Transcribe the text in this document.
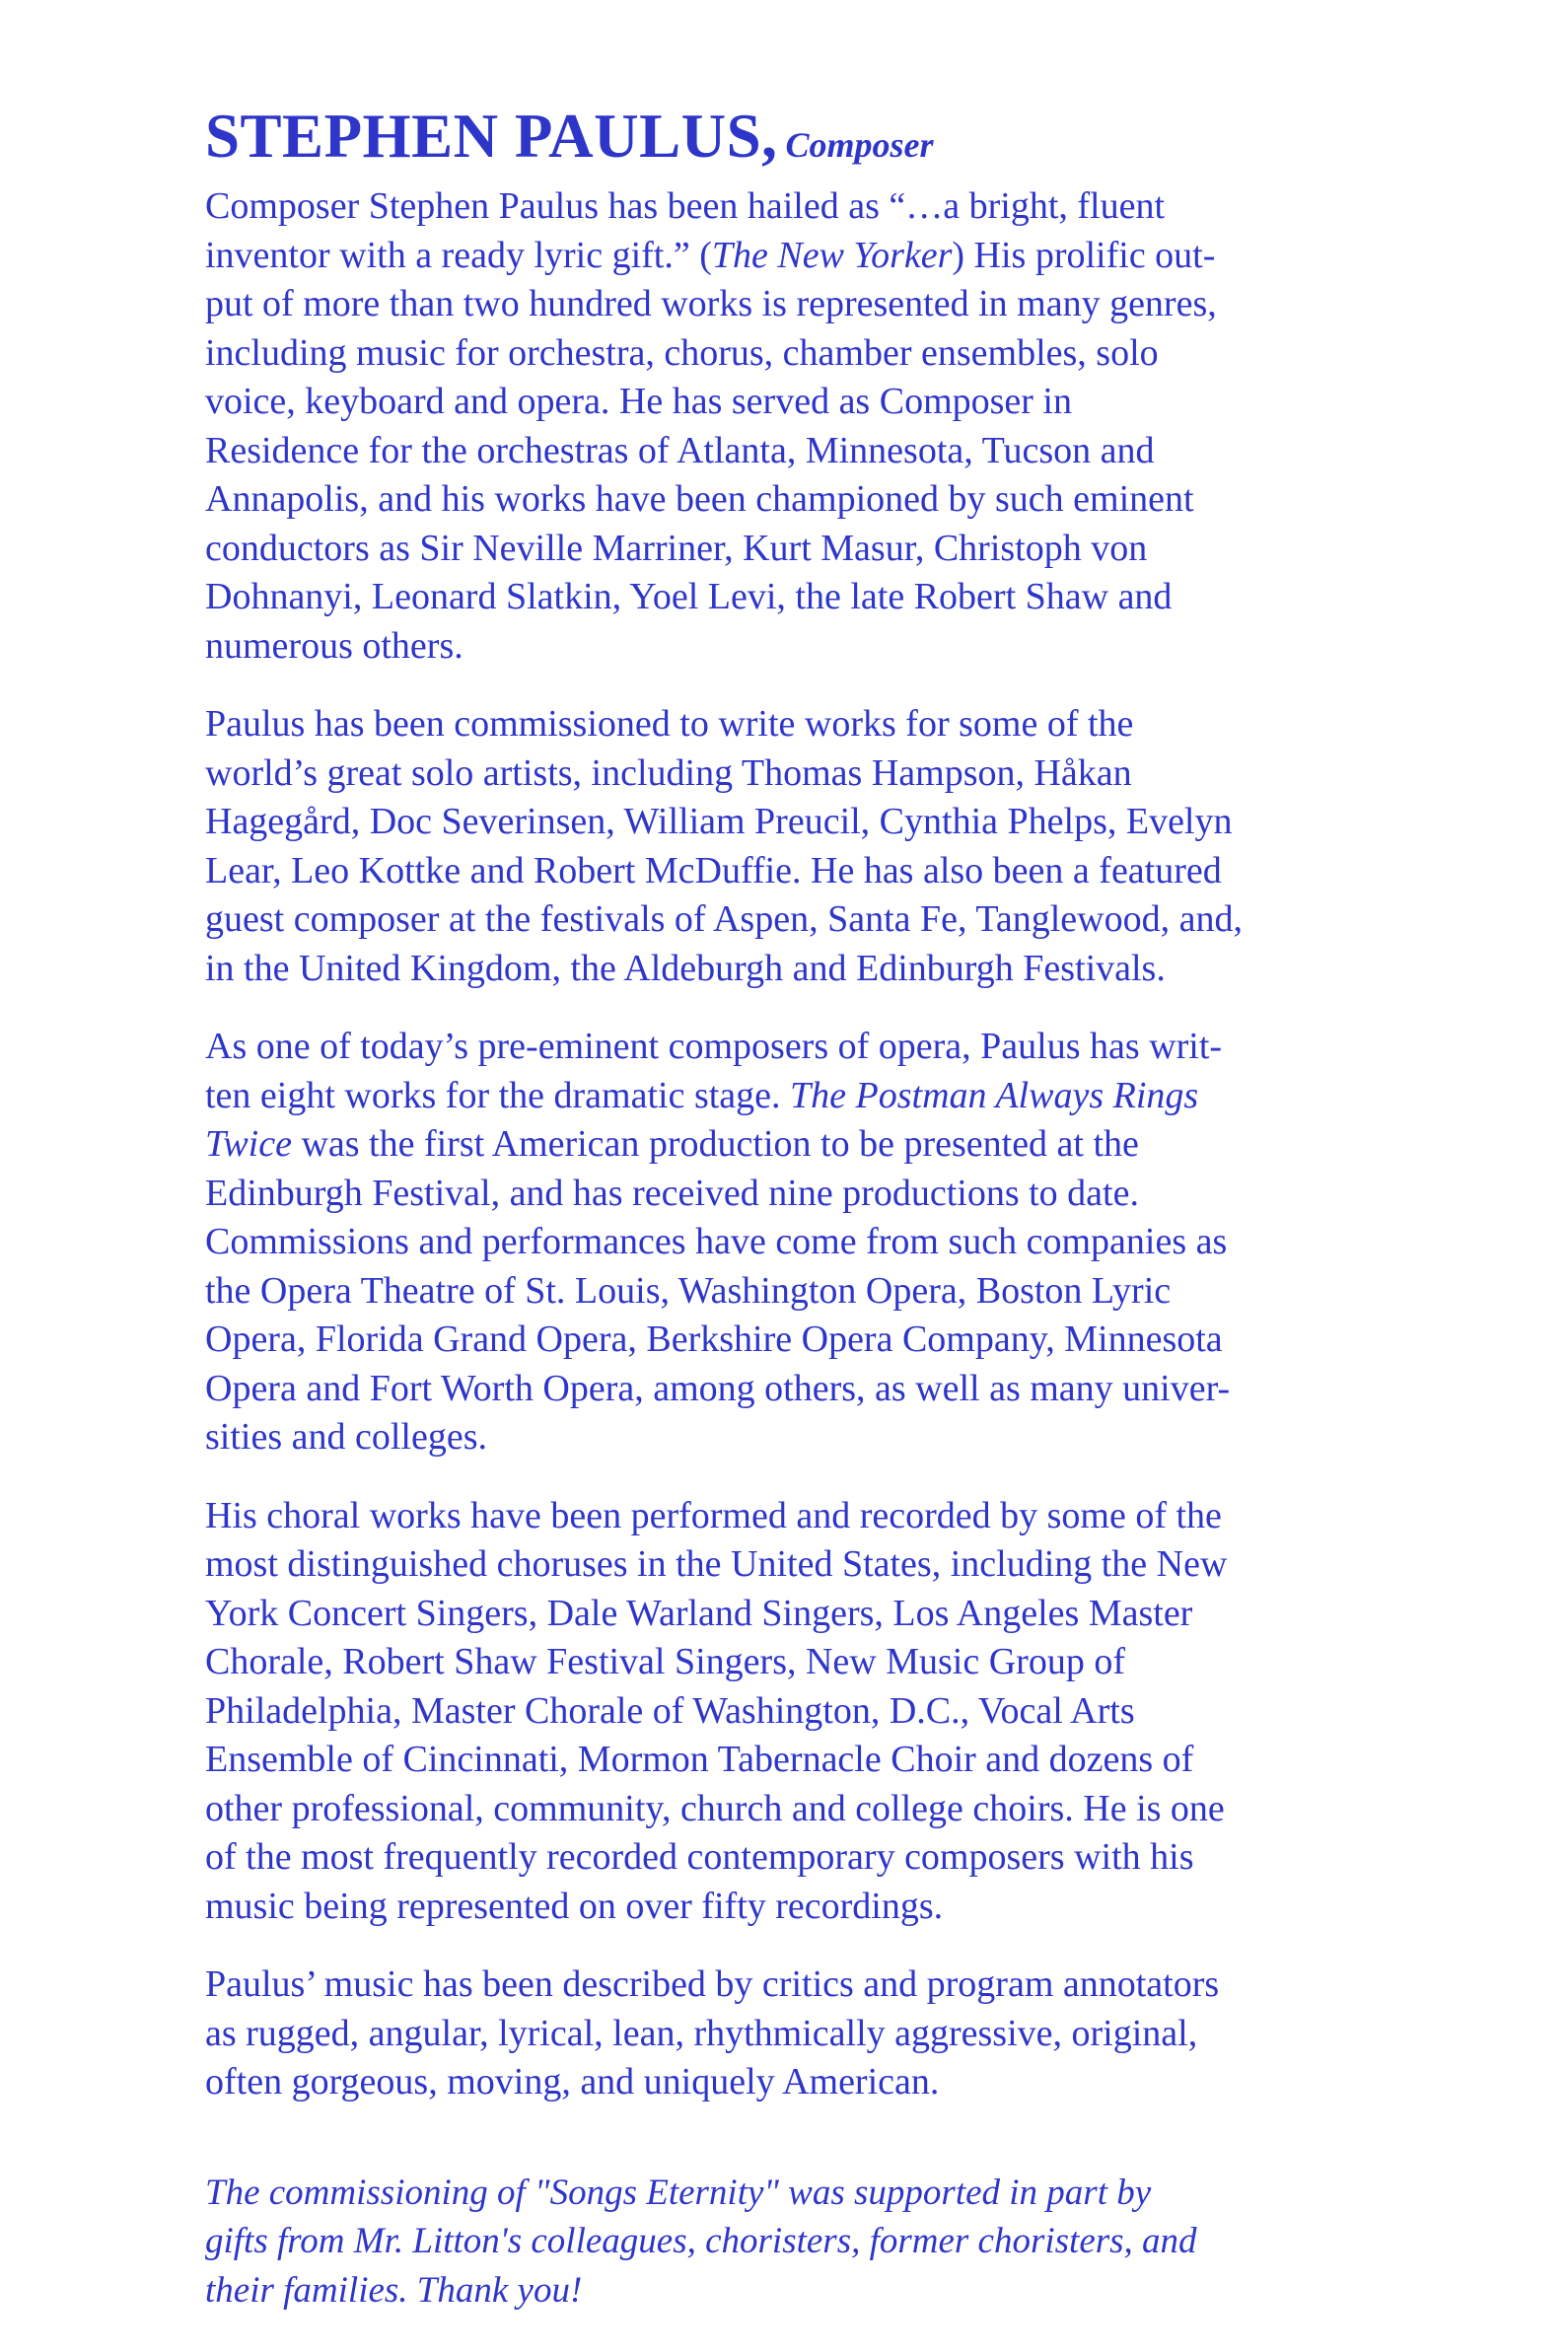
STEPHEN PAULUS, Composer

Composer Stephen Paulus has been hailed as “…a bright, fluent
inventor with a ready lyric gift.” (The New Yorker) His prolific out-
put of more than two hundred works is represented in many genres,
including music for orchestra, chorus, chamber ensembles, solo
voice, keyboard and opera. He has served as Composer in
Residence for the orchestras of Atlanta, Minnesota, Tucson and
Annapolis, and his works have been championed by such eminent
conductors as Sir Neville Marriner, Kurt Masur, Christoph von
Dohnanyi, Leonard Slatkin, Yoel Levi, the late Robert Shaw and
numerous others.

Paulus has been commissioned to write works for some of the
world’s great solo artists, including Thomas Hampson, Håkan
Hagegård, Doc Severinsen, William Preucil, Cynthia Phelps, Evelyn
Lear, Leo Kottke and Robert McDuffie. He has also been a featured
guest composer at the festivals of Aspen, Santa Fe, Tanglewood, and,
in the United Kingdom, the Aldeburgh and Edinburgh Festivals.

As one of today’s pre-eminent composers of opera, Paulus has writ-
ten eight works for the dramatic stage. The Postman Always Rings
Twice was the first American production to be presented at the
Edinburgh Festival, and has received nine productions to date.
Commissions and performances have come from such companies as
the Opera Theatre of St. Louis, Washington Opera, Boston Lyric
Opera, Florida Grand Opera, Berkshire Opera Company, Minnesota
Opera and Fort Worth Opera, among others, as well as many univer-
sities and colleges.

His choral works have been performed and recorded by some of the
most distinguished choruses in the United States, including the New
York Concert Singers, Dale Warland Singers, Los Angeles Master
Chorale, Robert Shaw Festival Singers, New Music Group of
Philadelphia, Master Chorale of Washington, D.C., Vocal Arts
Ensemble of Cincinnati, Mormon Tabernacle Choir and dozens of
other professional, community, church and college choirs. He is one
of the most frequently recorded contemporary composers with his
music being represented on over fifty recordings.

Paulus’ music has been described by critics and program annotators
as rugged, angular, lyrical, lean, rhythmically aggressive, original,
often gorgeous, moving, and uniquely American.

The commissioning of "Songs Eternity" was supported in part by
gifts from Mr. Litton's colleagues, choristers, former choristers, and
their families. Thank you!
